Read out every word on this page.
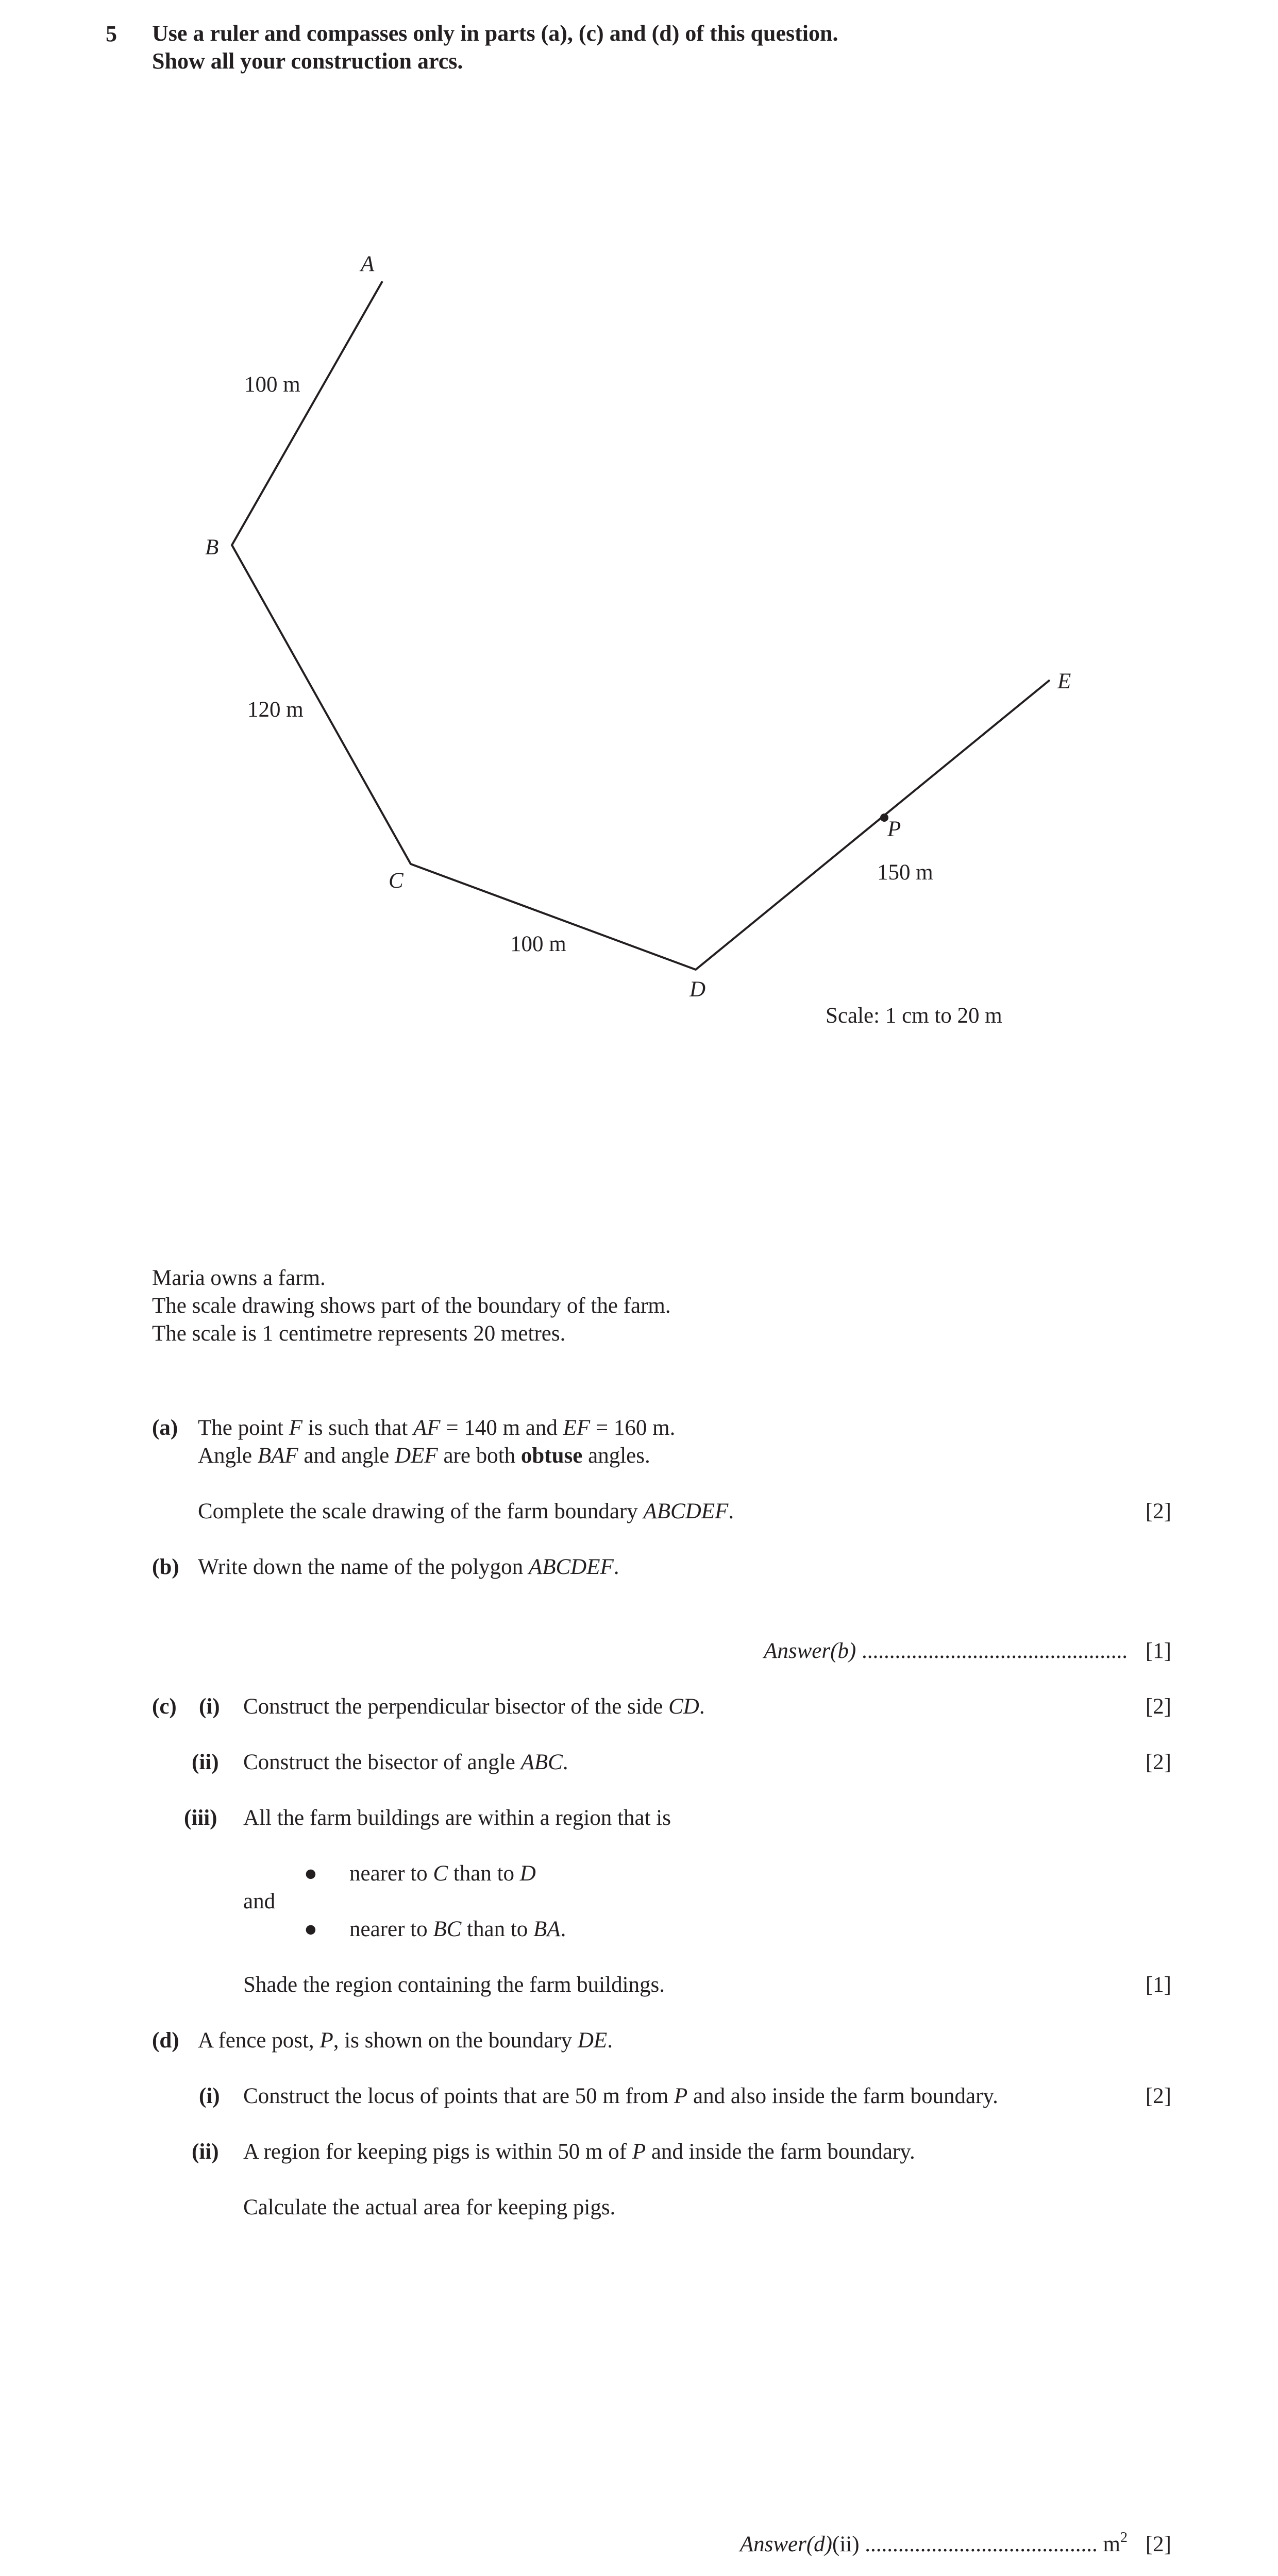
5 Use a ruler and compasses only in parts (a), (c) and (d) of this question.
Show all your construction arcs.
A
100 m
B
120 m
C
100 m
D
E
P
150 m
Scale: 1 cm to 20 m
Maria owns a farm.
The scale drawing shows part of the boundary of the farm.
The scale is 1 centimetre represents 20 metres.
(a) The point F is such that AF = 140 m and EF = 160 m.
Angle BAF and angle DEF are both obtuse angles.
Complete the scale drawing of the farm boundary ABCDEF.	[2]
(b) Write down the name of the polygon ABCDEF.
Answer(b) ................................................ [1]
(c) (i) Construct the perpendicular bisector of the side CD.	[2]
(ii) Construct the bisector of angle ABC.	[2]
(iii) All the farm buildings are within a region that is
● nearer to C than to D
and
● nearer to BC than to BA.
Shade the region containing the farm buildings.	[1]
(d) A fence post, P, is shown on the boundary DE.
(i) Construct the locus of points that are 50 m from P and also inside the farm boundary.	[2]
(ii) A region for keeping pigs is within 50 m of P and inside the farm boundary.
Calculate the actual area for keeping pigs.
Answer(d)(ii) .......................................... $m^2$ [2]
